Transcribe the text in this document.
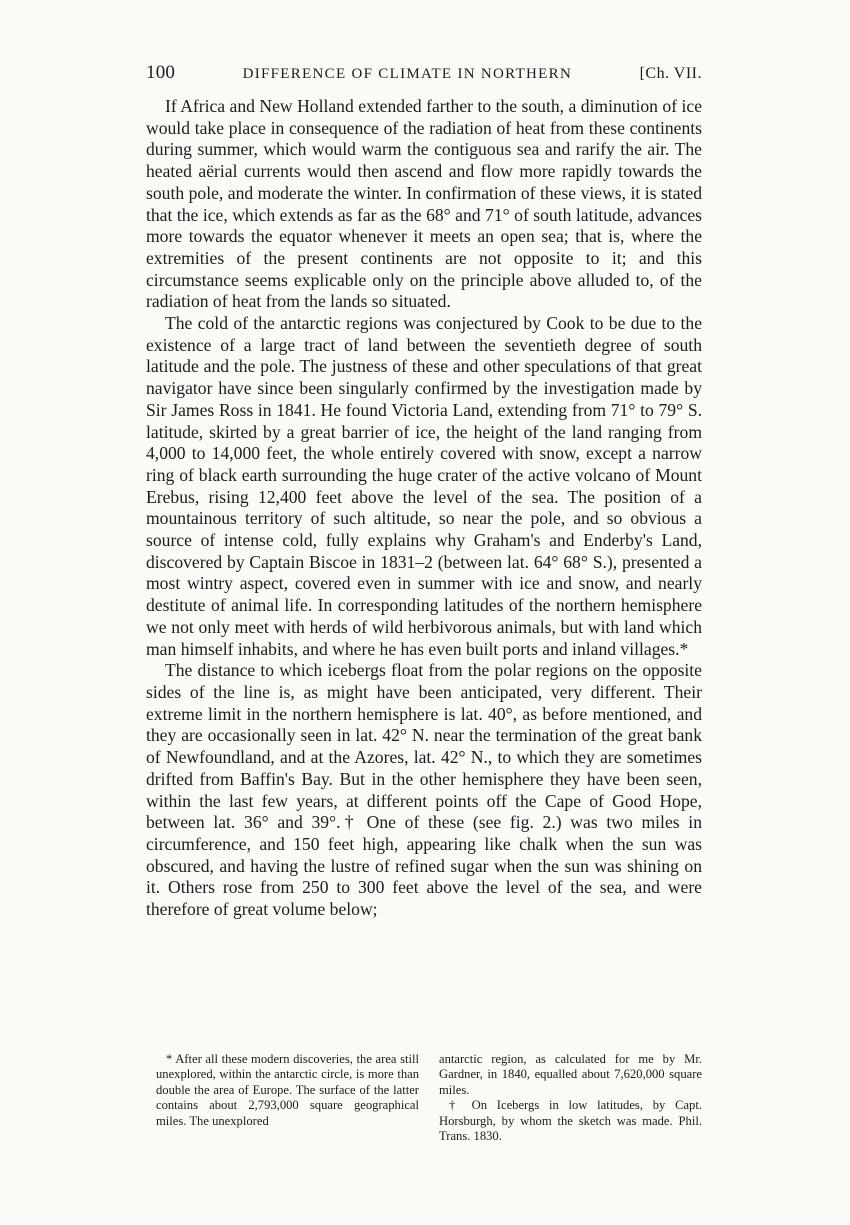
100	DIFFERENCE OF CLIMATE IN NORTHERN	[Ch. VII.

If Africa and New Holland extended farther to the south, a diminution of ice would take place in consequence of the radiation of heat from these continents during summer, which would warm the contiguous sea and rarify the air. The heated aërial currents would then ascend and flow more rapidly towards the south pole, and moderate the winter. In confirmation of these views, it is stated that the ice, which extends as far as the 68° and 71° of south latitude, advances more towards the equator whenever it meets an open sea; that is, where the extremities of the present continents are not opposite to it; and this circumstance seems explicable only on the principle above alluded to, of the radiation of heat from the lands so situated.

The cold of the antarctic regions was conjectured by Cook to be due to the existence of a large tract of land between the seventieth degree of south latitude and the pole. The justness of these and other speculations of that great navigator have since been singularly confirmed by the investigation made by Sir James Ross in 1841. He found Victoria Land, extending from 71° to 79° S. latitude, skirted by a great barrier of ice, the height of the land ranging from 4,000 to 14,000 feet, the whole entirely covered with snow, except a narrow ring of black earth surrounding the huge crater of the active volcano of Mount Erebus, rising 12,400 feet above the level of the sea. The position of a mountainous territory of such altitude, so near the pole, and so obvious a source of intense cold, fully explains why Graham's and Enderby's Land, discovered by Captain Biscoe in 1831–2 (between lat. 64° 68° S.), presented a most wintry aspect, covered even in summer with ice and snow, and nearly destitute of animal life. In corresponding latitudes of the northern hemisphere we not only meet with herds of wild herbivorous animals, but with land which man himself inhabits, and where he has even built ports and inland villages.*

The distance to which icebergs float from the polar regions on the opposite sides of the line is, as might have been anticipated, very different. Their extreme limit in the northern hemisphere is lat. 40°, as before mentioned, and they are occasionally seen in lat. 42° N. near the termination of the great bank of Newfoundland, and at the Azores, lat. 42° N., to which they are sometimes drifted from Baffin's Bay. But in the other hemisphere they have been seen, within the last few years, at different points off the Cape of Good Hope, between lat. 36° and 39°.† One of these (see fig. 2.) was two miles in circumference, and 150 feet high, appearing like chalk when the sun was obscured, and having the lustre of refined sugar when the sun was shining on it. Others rose from 250 to 300 feet above the level of the sea, and were therefore of great volume below;

* After all these modern discoveries, the area still unexplored, within the antarctic circle, is more than double the area of Europe. The surface of the latter contains about 2,793,000 square geographical miles. The unexplored

antarctic region, as calculated for me by Mr. Gardner, in 1840, equalled about 7,620,000 square miles.

† On Icebergs in low latitudes, by Capt. Horsburgh, by whom the sketch was made. Phil. Trans. 1830.
